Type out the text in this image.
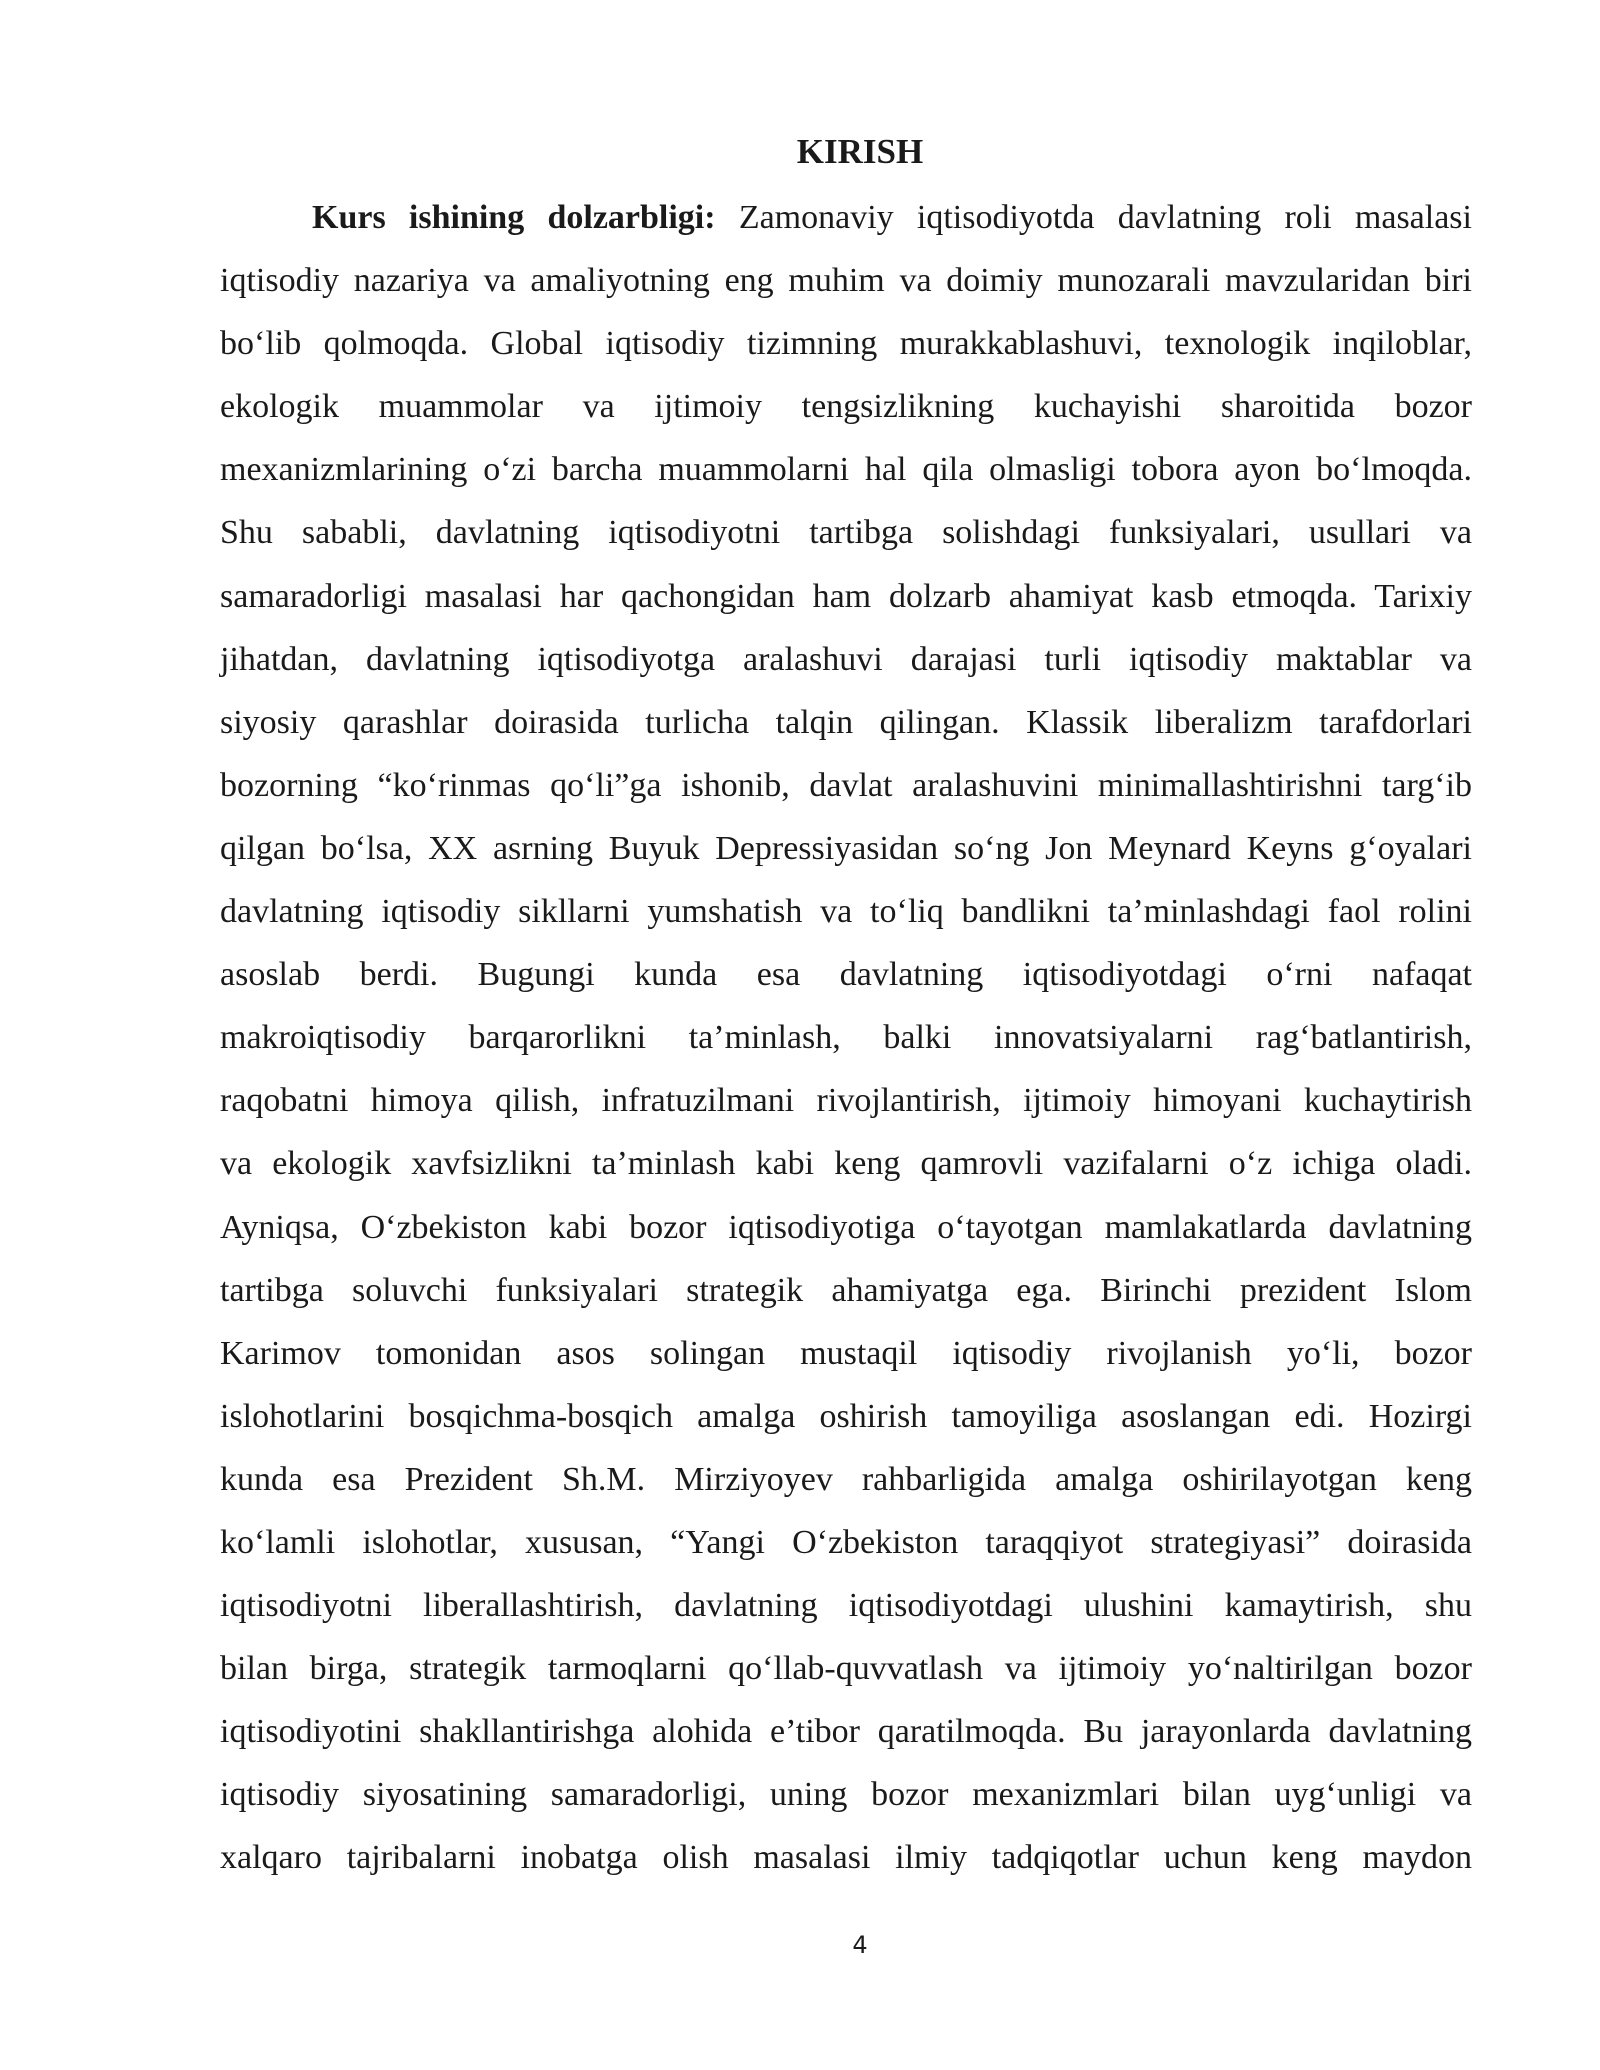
KIRISH
Kurs ishining dolzarbligi: Zamonaviy iqtisodiyotda davlatning roli masalasi
iqtisodiy nazariya va amaliyotning eng muhim va doimiy munozarali mavzularidan biri
bo‘lib qolmoqda. Global iqtisodiy tizimning murakkablashuvi, texnologik inqiloblar,
ekologik muammolar va ijtimoiy tengsizlikning kuchayishi sharoitida bozor
mexanizmlarining o‘zi barcha muammolarni hal qila olmasligi tobora ayon bo‘lmoqda.
Shu sababli, davlatning iqtisodiyotni tartibga solishdagi funksiyalari, usullari va
samaradorligi masalasi har qachongidan ham dolzarb ahamiyat kasb etmoqda. Tarixiy
jihatdan, davlatning iqtisodiyotga aralashuvi darajasi turli iqtisodiy maktablar va
siyosiy qarashlar doirasida turlicha talqin qilingan. Klassik liberalizm tarafdorlari
bozorning “ko‘rinmas qo‘li”ga ishonib, davlat aralashuvini minimallashtirishni targ‘ib
qilgan bo‘lsa, XX asrning Buyuk Depressiyasidan so‘ng Jon Meynard Keyns g‘oyalari
davlatning iqtisodiy sikllarni yumshatish va to‘liq bandlikni ta’minlashdagi faol rolini
asoslab berdi. Bugungi kunda esa davlatning iqtisodiyotdagi o‘rni nafaqat
makroiqtisodiy barqarorlikni ta’minlash, balki innovatsiyalarni rag‘batlantirish,
raqobatni himoya qilish, infratuzilmani rivojlantirish, ijtimoiy himoyani kuchaytirish
va ekologik xavfsizlikni ta’minlash kabi keng qamrovli vazifalarni o‘z ichiga oladi.
Ayniqsa, O‘zbekiston kabi bozor iqtisodiyotiga o‘tayotgan mamlakatlarda davlatning
tartibga soluvchi funksiyalari strategik ahamiyatga ega. Birinchi prezident Islom
Karimov tomonidan asos solingan mustaqil iqtisodiy rivojlanish yo‘li, bozor
islohotlarini bosqichma-bosqich amalga oshirish tamoyiliga asoslangan edi. Hozirgi
kunda esa Prezident Sh.M. Mirziyoyev rahbarligida amalga oshirilayotgan keng
ko‘lamli islohotlar, xususan, “Yangi O‘zbekiston taraqqiyot strategiyasi” doirasida
iqtisodiyotni liberallashtirish, davlatning iqtisodiyotdagi ulushini kamaytirish, shu
bilan birga, strategik tarmoqlarni qo‘llab-quvvatlash va ijtimoiy yo‘naltirilgan bozor
iqtisodiyotini shakllantirishga alohida e’tibor qaratilmoqda. Bu jarayonlarda davlatning
iqtisodiy siyosatining samaradorligi, uning bozor mexanizmlari bilan uyg‘unligi va
xalqaro tajribalarni inobatga olish masalasi ilmiy tadqiqotlar uchun keng maydon
4
